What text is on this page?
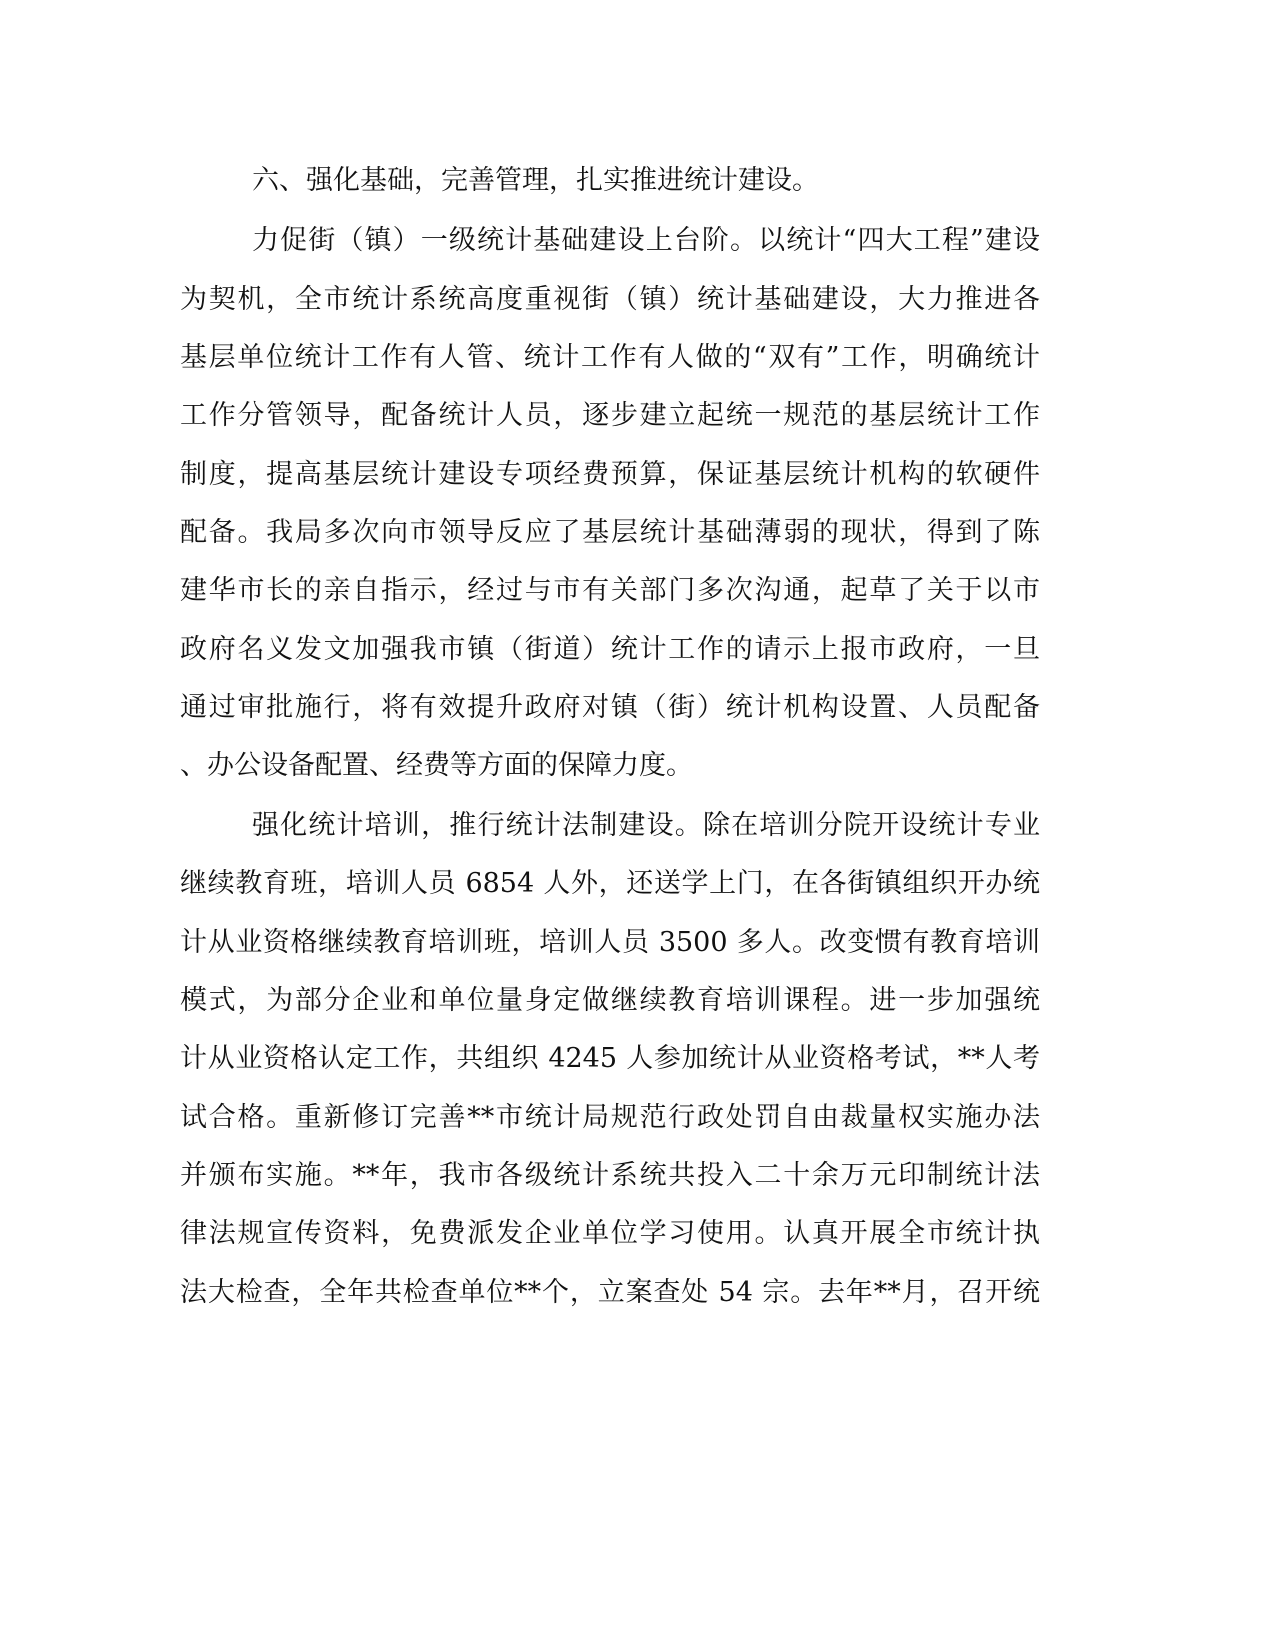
六、强化基础，完善管理，扎实推进统计建设。
力促街（镇）一级统计基础建设上台阶。以统计“四大工程”建设
为契机，全市统计系统高度重视街（镇）统计基础建设，大力推进各
基层单位统计工作有人管、统计工作有人做的“双有”工作，明确统计
工作分管领导，配备统计人员，逐步建立起统一规范的基层统计工作
制度，提高基层统计建设专项经费预算，保证基层统计机构的软硬件
配备。我局多次向市领导反应了基层统计基础薄弱的现状，得到了陈
建华市长的亲自指示，经过与市有关部门多次沟通，起草了关于以市
政府名义发文加强我市镇（街道）统计工作的请示上报市政府，一旦
通过审批施行，将有效提升政府对镇（街）统计机构设置、人员配备
、办公设备配置、经费等方面的保障力度。
强化统计培训，推行统计法制建设。除在培训分院开设统计专业
继续教育班，培训人员 6854 人外，还送学上门，在各街镇组织开办统
计从业资格继续教育培训班，培训人员 3500 多人。改变惯有教育培训
模式，为部分企业和单位量身定做继续教育培训课程。进一步加强统
计从业资格认定工作，共组织 4245 人参加统计从业资格考试，**人考
试合格。重新修订完善**市统计局规范行政处罚自由裁量权实施办法
并颁布实施。**年，我市各级统计系统共投入二十余万元印制统计法
律法规宣传资料，免费派发企业单位学习使用。认真开展全市统计执
法大检查，全年共检查单位**个，立案查处 54 宗。去年**月，召开统
